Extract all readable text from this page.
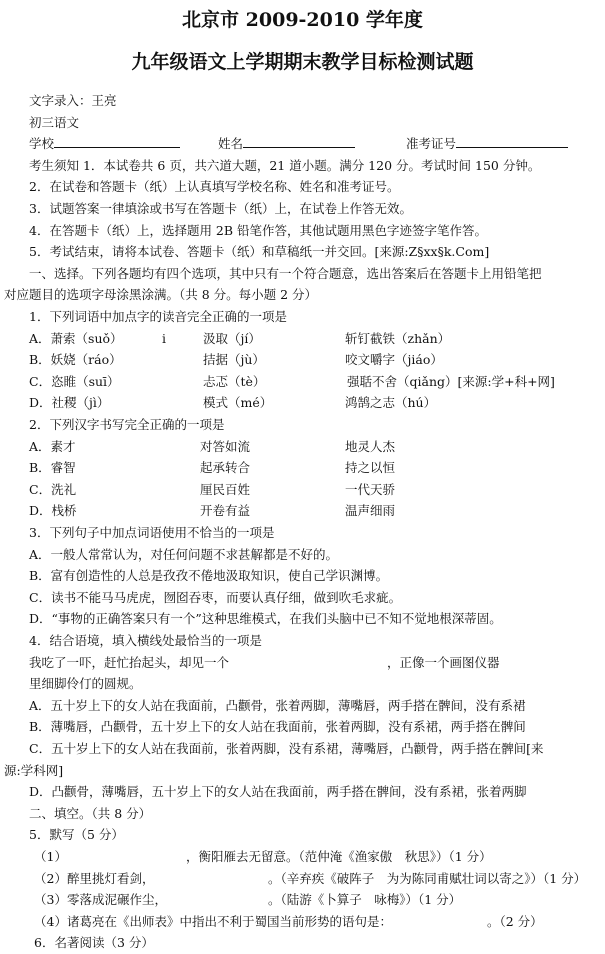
北京市 2009-2010 学年度
九年级语文上学期期末教学目标检测试题
文字录入：王亮
初三语文
学校	姓名	准考证号
考生须知 1．本试卷共 6 页，共六道大题，21 道小题。满分 120 分。考试时间 150 分钟。
2．在试卷和答题卡（纸）上认真填写学校名称、姓名和准考证号。
3．试题答案一律填涂或书写在答题卡（纸）上，在试卷上作答无效。
4．在答题卡（纸）上，选择题用 2B 铅笔作答，其他试题用黑色字迹签字笔作答。
5．考试结束，请将本试卷、答题卡（纸）和草稿纸一并交回。[来源:Z§xx§k.Com]
一、选择。下列各题均有四个选项，其中只有一个符合题意，选出答案后在答题卡上用铅笔把
对应题目的选项字母涂黑涂满。（共 8 分。每小题 2 分）
1．下列词语中加点字的读音完全正确的一项是
A．萧索（suǒ）	i	汲取（jí）	斩钉截铁（zhǎn）
B．妖娆（ráo）	拮据（jù）	咬文嚼字（jiáo）
C．恣睢（suī）	忐忑（tè）	强聒不舍（qiǎng）[来源:学+科+网]
D．社稷（jì）	模式（mé）	鸿鹄之志（hú）
2．下列汉字书写完全正确的一项是
A．素才	对答如流	地灵人杰
B．睿智	起承转合	持之以恒
C．洗礼	厘民百姓	一代天骄
D．栈桥	开卷有益	温声细雨
3．下列句子中加点词语使用不恰当的一项是
A．一般人常常认为，对任何问题不求甚解都是不好的。
B．富有创造性的人总是孜孜不倦地汲取知识，使自己学识渊博。
C．读书不能马马虎虎，囫囵吞枣，而要认真仔细，做到吹毛求疵。
D．“事物的正确答案只有一个”这种思维模式，在我们头脑中已不知不觉地根深蒂固。
4．结合语境，填入横线处最恰当的一项是
我吃了一吓，赶忙抬起头，却见一个	，正像一个画图仪器
里细脚伶仃的圆规。
A．五十岁上下的女人站在我面前，凸颧骨，张着两脚，薄嘴唇，两手搭在髀间，没有系裙
B．薄嘴唇，凸颧骨，五十岁上下的女人站在我面前，张着两脚，没有系裙，两手搭在髀间
C．五十岁上下的女人站在我面前，张着两脚，没有系裙，薄嘴唇，凸颧骨，两手搭在髀间[来
源:学科网]
D．凸颧骨，薄嘴唇，五十岁上下的女人站在我面前，两手搭在髀间，没有系裙，张着两脚
二、填空。（共 8 分）
5．默写（5 分）
（1）	，衡阳雁去无留意。（范仲淹《渔家傲　秋思》）（1 分）
（2）醉里挑灯看剑，	。（辛弃疾《破阵子　为为陈同甫赋壮词以寄之》）（1 分）
（3）零落成泥碾作尘，	。（陆游《卜算子　咏梅》）（1 分）
（4）诸葛亮在《出师表》中指出不利于蜀国当前形势的语句是：	。（2 分）
6．名著阅读（3 分）
